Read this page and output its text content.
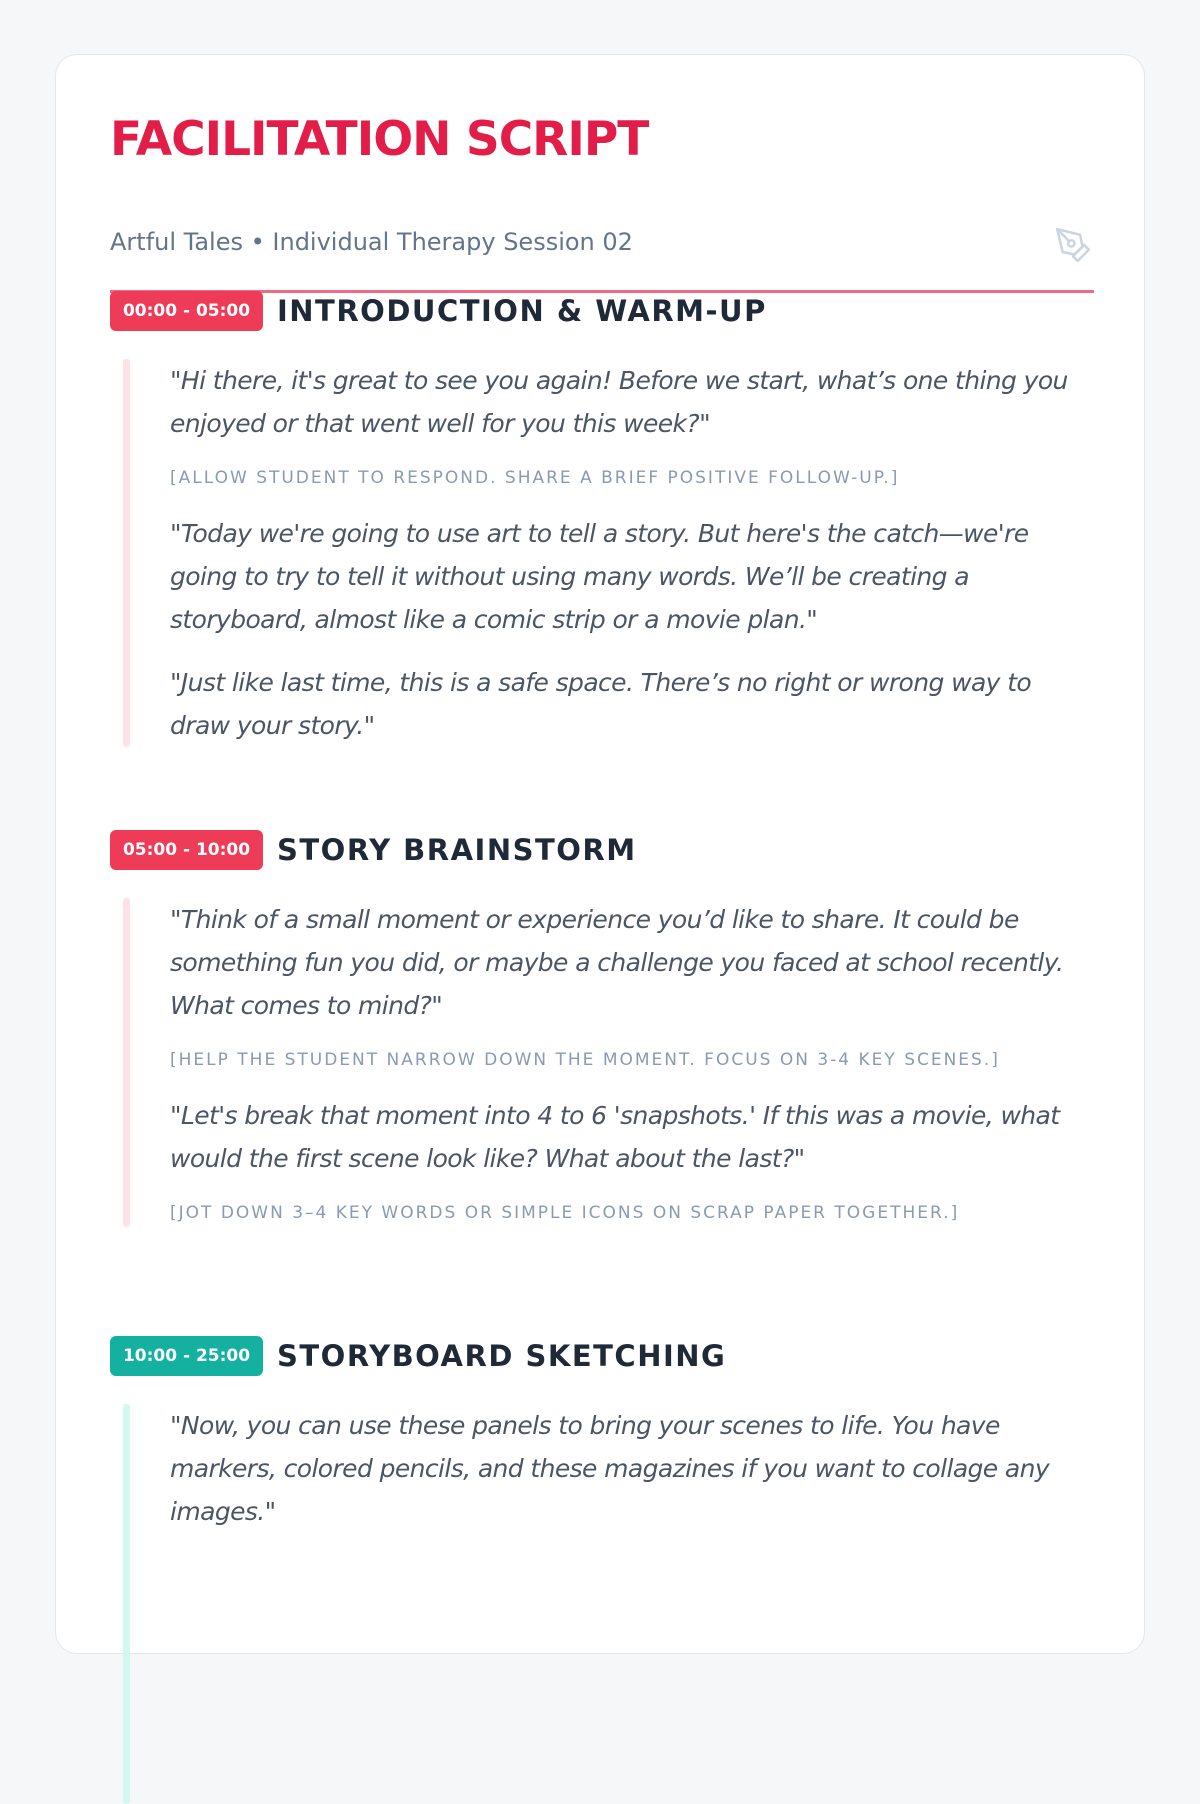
FACILITATION SCRIPT
Artful Tales • Individual Therapy Session 02
00:00 - 05:00 INTRODUCTION & WARM-UP

"Hi there, it's great to see you again! Before we start, what’s one thing you enjoyed or that went well for you this week?"

[ALLOW STUDENT TO RESPOND. SHARE A BRIEF POSITIVE FOLLOW-UP.]

"Today we're going to use art to tell a story. But here's the catch—we're going to try to tell it without using many words. We’ll be creating a storyboard, almost like a comic strip or a movie plan."

"Just like last time, this is a safe space. There’s no right or wrong way to draw your story."

05:00 - 10:00 STORY BRAINSTORM

"Think of a small moment or experience you’d like to share. It could be something fun you did, or maybe a challenge you faced at school recently. What comes to mind?"

[HELP THE STUDENT NARROW DOWN THE MOMENT. FOCUS ON 3-4 KEY SCENES.]

"Let's break that moment into 4 to 6 'snapshots.' If this was a movie, what would the first scene look like? What about the last?"

[JOT DOWN 3–4 KEY WORDS OR SIMPLE ICONS ON SCRAP PAPER TOGETHER.]

10:00 - 25:00 STORYBOARD SKETCHING

"Now, you can use these panels to bring your scenes to life. You have markers, colored pencils, and these magazines if you want to collage any images."
